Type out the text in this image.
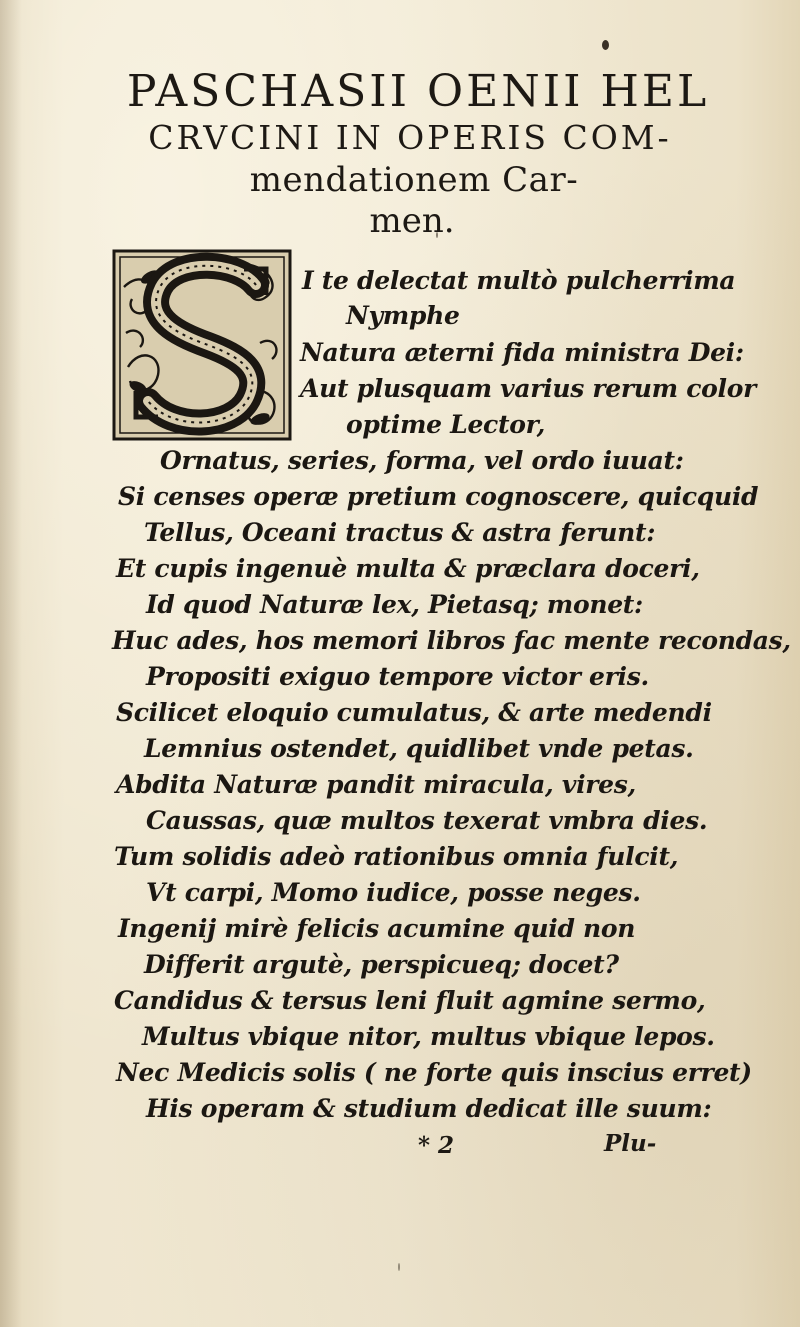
PASCHASII OENII HEL
CRVCINI IN OPERIS COM-
mendationem Car-
men.

I te delectat multò pulcherrima

Nymphe

Natura æterni fida ministra Dei:

Aut plusquam varius rerum color

optime Lector,

Ornatus, series, forma, vel ordo iuuat:

Si censes operæ pretium cognoscere, quicquid

Tellus, Oceani tractus & astra ferunt:

Et cupis ingenuè multa & præclara doceri,

Id quod Naturæ lex, Pietasq; monet:

Huc ades, hos memori libros fac mente recondas,

Propositi exiguo tempore victor eris.

Scilicet eloquio cumulatus, & arte medendi

Lemnius ostendet, quidlibet vnde petas.

Abdita Naturæ pandit miracula, vires,

Caussas, quæ multos texerat vmbra dies.

Tum solidis adeò rationibus omnia fulcit,

Vt carpi, Momo iudice, posse neges.

Ingenij mirè felicis acumine quid non

Differit argutè, perspicueq; docet?

Candidus & tersus leni fluit agmine sermo,

Multus vbique nitor, multus vbique lepos.

Nec Medicis solis ( ne forte quis inscius erret)

His operam & studium dedicat ille suum:

* 2	Plu-
